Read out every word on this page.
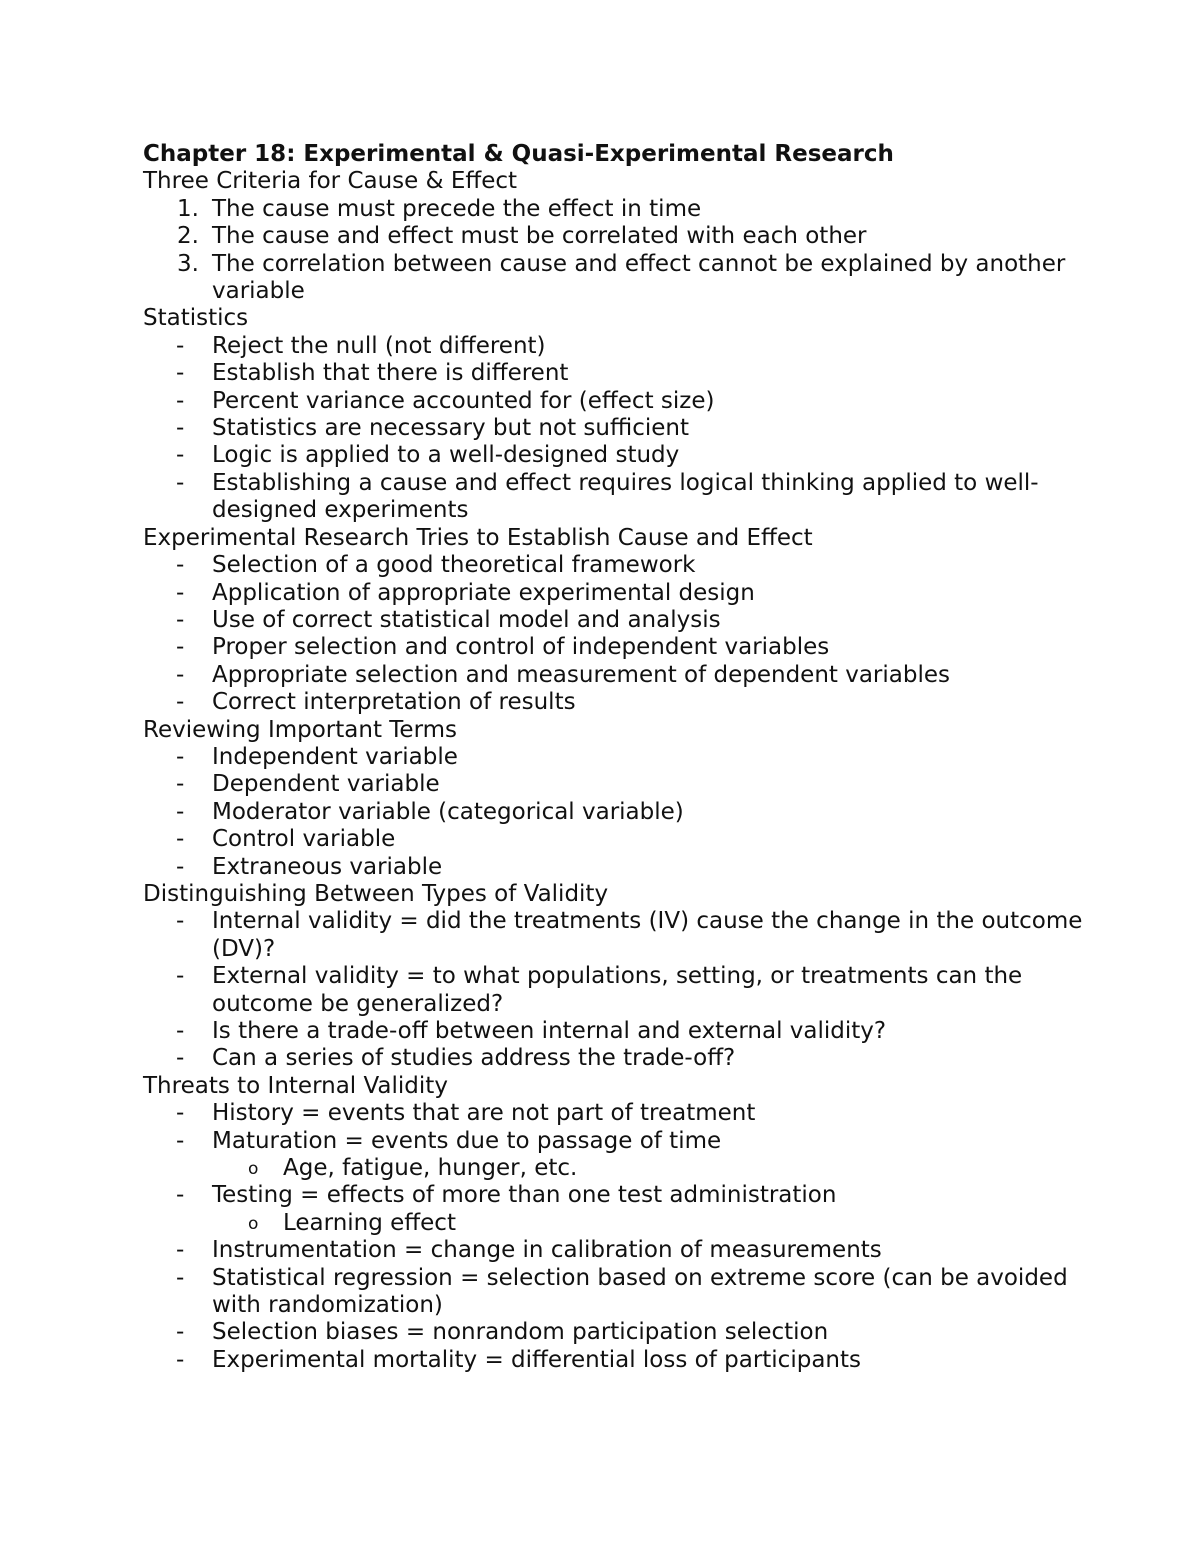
Chapter 18: Experimental & Quasi-Experimental Research
Three Criteria for Cause & Effect
1. The cause must precede the effect in time
2. The cause and effect must be correlated with each other
3. The correlation between cause and effect cannot be explained by another variable
Statistics
- Reject the null (not different)
- Establish that there is different
- Percent variance accounted for (effect size)
- Statistics are necessary but not sufficient
- Logic is applied to a well-designed study
- Establishing a cause and effect requires logical thinking applied to well-designed experiments
Experimental Research Tries to Establish Cause and Effect
- Selection of a good theoretical framework
- Application of appropriate experimental design
- Use of correct statistical model and analysis
- Proper selection and control of independent variables
- Appropriate selection and measurement of dependent variables
- Correct interpretation of results
Reviewing Important Terms
- Independent variable
- Dependent variable
- Moderator variable (categorical variable)
- Control variable
- Extraneous variable
Distinguishing Between Types of Validity
- Internal validity = did the treatments (IV) cause the change in the outcome (DV)?
- External validity = to what populations, setting, or treatments can the outcome be generalized?
- Is there a trade-off between internal and external validity?
- Can a series of studies address the trade-off?
Threats to Internal Validity
- History = events that are not part of treatment
- Maturation = events due to passage of time
o Age, fatigue, hunger, etc.
- Testing = effects of more than one test administration
o Learning effect
- Instrumentation = change in calibration of measurements
- Statistical regression = selection based on extreme score (can be avoided with randomization)
- Selection biases = nonrandom participation selection
- Experimental mortality = differential loss of participants
